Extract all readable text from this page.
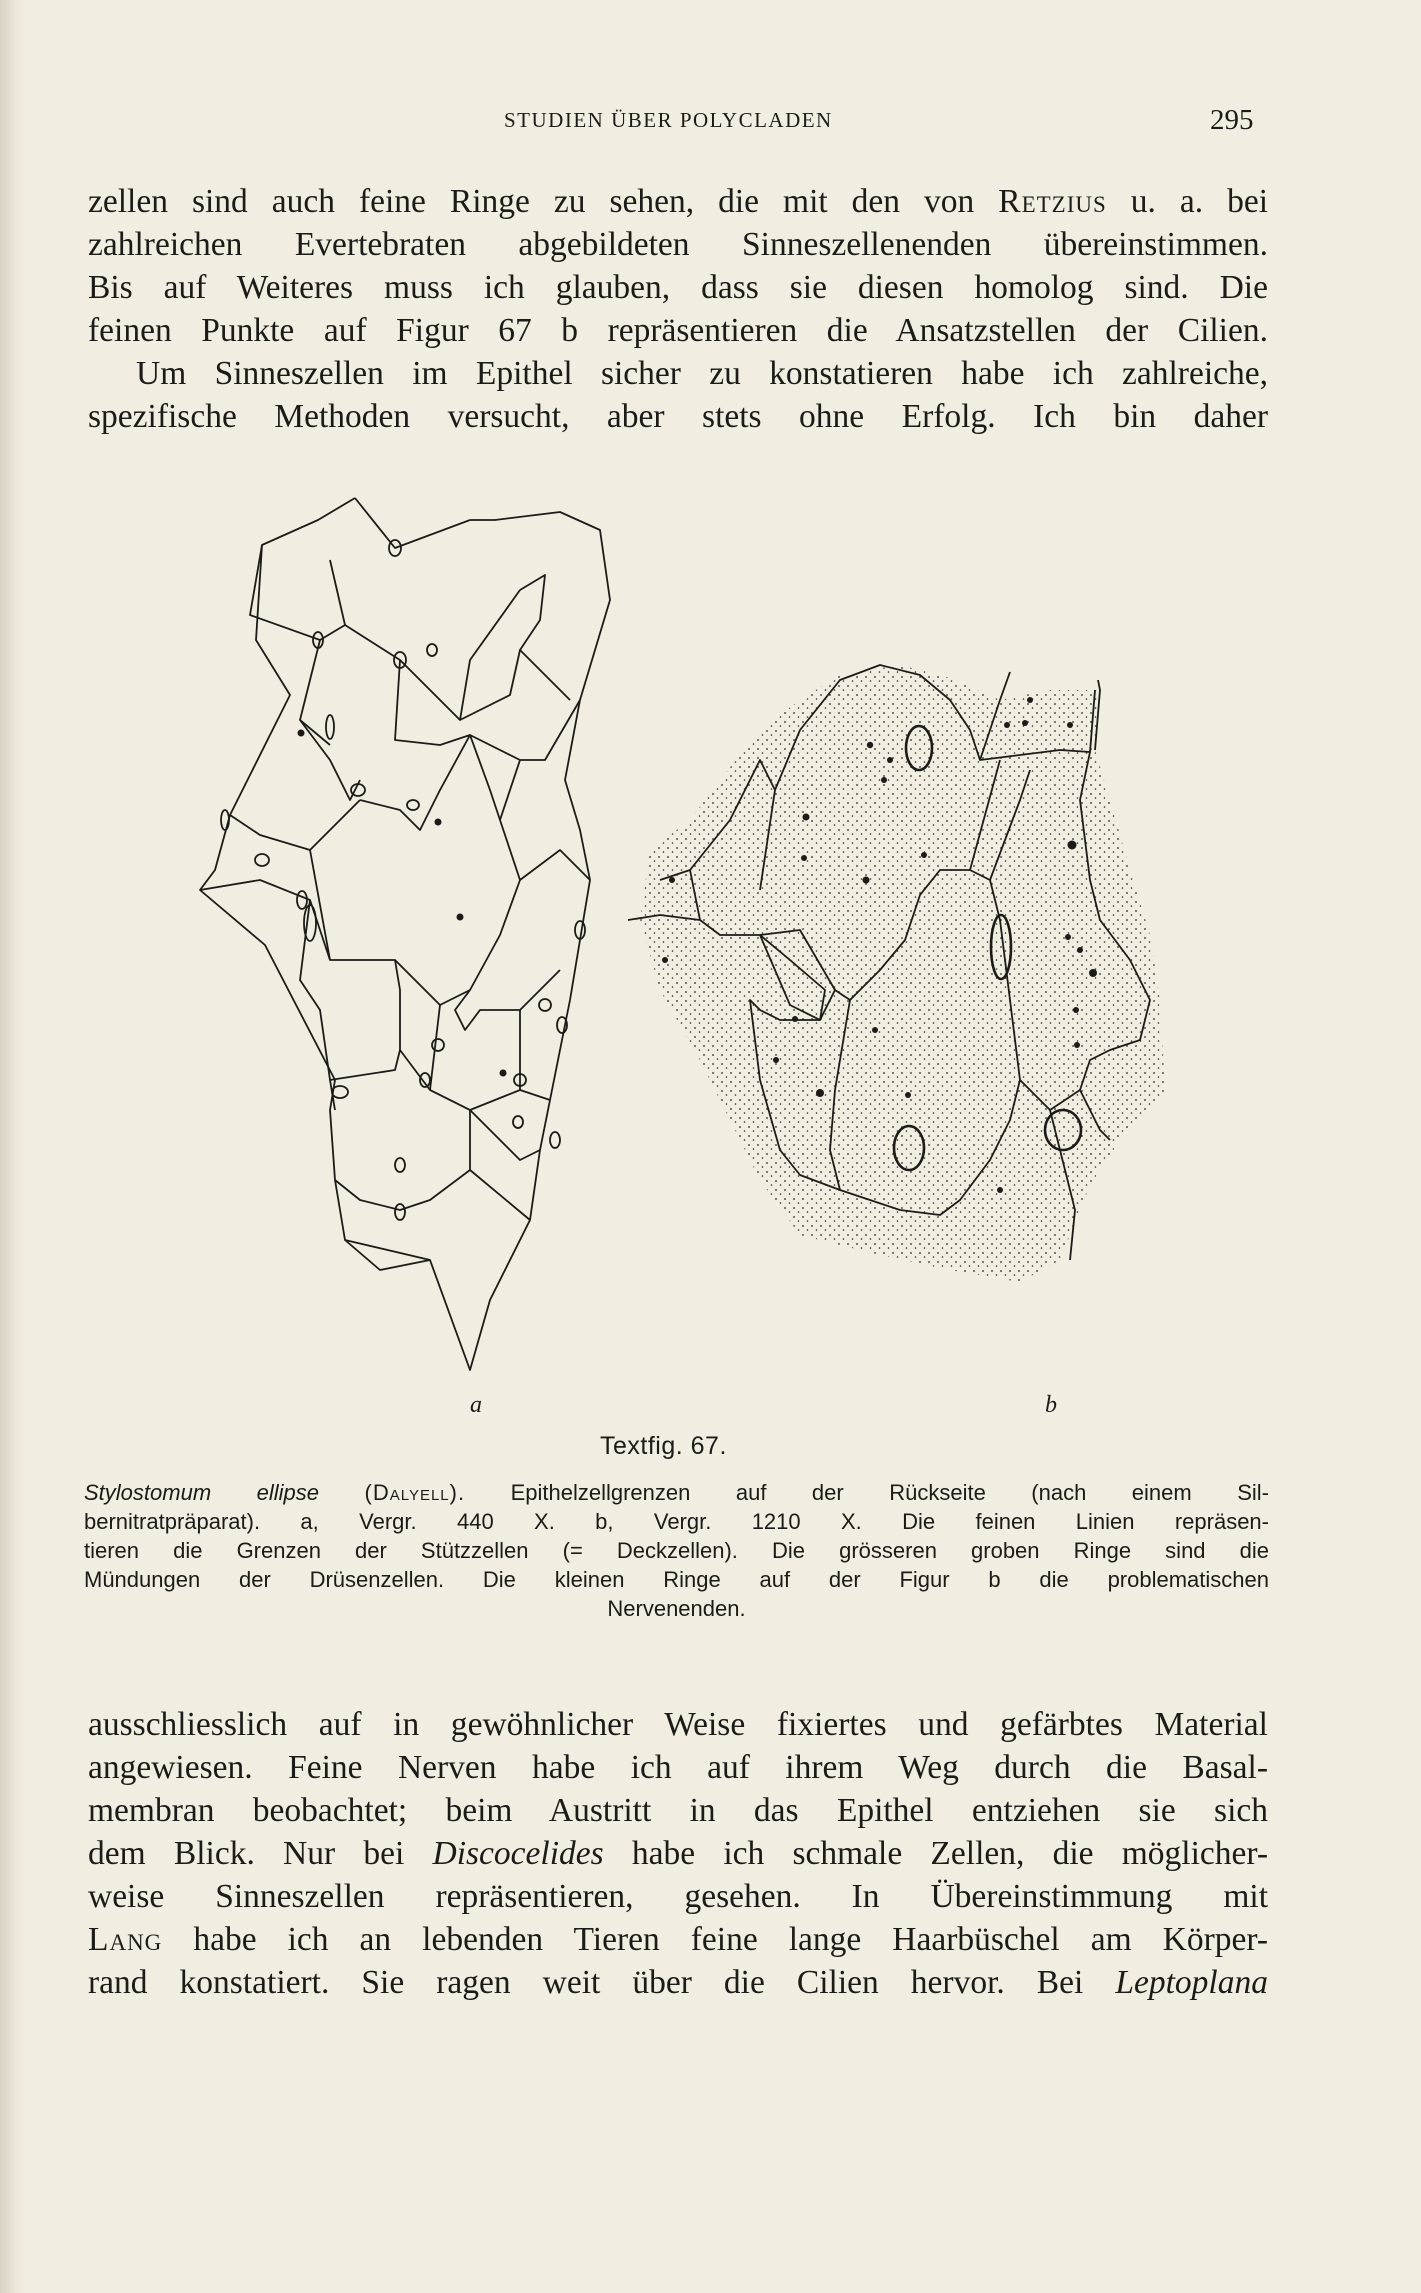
STUDIEN ÜBER POLYCLADEN	295
zellen sind auch feine Ringe zu sehen, die mit den von Retzius u. a. bei
zahlreichen Evertebraten abgebildeten Sinneszellenenden übereinstimmen.
Bis auf Weiteres muss ich glauben, dass sie diesen homolog sind. Die
feinen Punkte auf Figur 67 b repräsentieren die Ansatzstellen der Cilien.
Um Sinneszellen im Epithel sicher zu konstatieren habe ich zahlreiche,
spezifische Methoden versucht, aber stets ohne Erfolg. Ich bin daher
a	b
Textfig. 67.
Stylostomum ellipse (Dalyell). Epithelzellgrenzen auf der Rückseite (nach einem Sil-
bernitratpräparat). a, Vergr. 440 X. b, Vergr. 1210 X. Die feinen Linien repräsen-
tieren die Grenzen der Stützzellen (= Deckzellen). Die grösseren groben Ringe sind die
Mündungen der Drüsenzellen. Die kleinen Ringe auf der Figur b die problematischen
Nervenenden.
ausschliesslich auf in gewöhnlicher Weise fixiertes und gefärbtes Material
angewiesen. Feine Nerven habe ich auf ihrem Weg durch die Basal-
membran beobachtet; beim Austritt in das Epithel entziehen sie sich
dem Blick. Nur bei Discocelides habe ich schmale Zellen, die möglicher-
weise Sinneszellen repräsentieren, gesehen. In Übereinstimmung mit
Lang habe ich an lebenden Tieren feine lange Haarbüschel am Körper-
rand konstatiert. Sie ragen weit über die Cilien hervor. Bei Leptoplana
